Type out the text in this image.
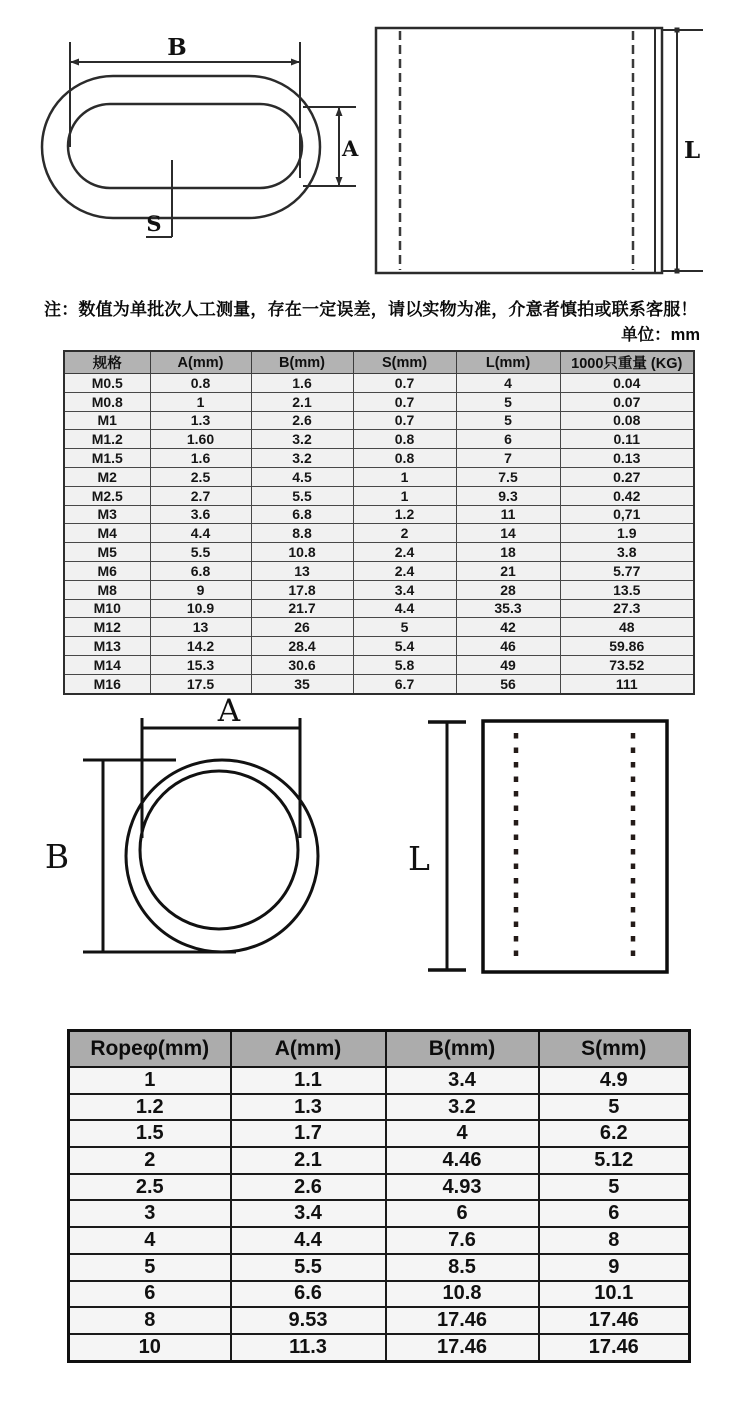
B
A
S
L
注：数值为单批次人工测量，存在一定误差，请以实物为准，介意者慎拍或联系客服！
单位：mm
规格	A(mm)	B(mm)	S(mm)	L(mm)	1000只重量 (KG)
M0.5	0.8	1.6	0.7	4	0.04
M0.8	1	2.1	0.7	5	0.07
M1	1.3	2.6	0.7	5	0.08
M1.2	1.60	3.2	0.8	6	0.11
M1.5	1.6	3.2	0.8	7	0.13
M2	2.5	4.5	1	7.5	0.27
M2.5	2.7	5.5	1	9.3	0.42
M3	3.6	6.8	1.2	11	0,71
M4	4.4	8.8	2	14	1.9
M5	5.5	10.8	2.4	18	3.8
M6	6.8	13	2.4	21	5.77
M8	9	17.8	3.4	28	13.5
M10	10.9	21.7	4.4	35.3	27.3
M12	13	26	5	42	48
M13	14.2	28.4	5.4	46	59.86
M14	15.3	30.6	5.8	49	73.52
M16	17.5	35	6.7	56	111
A
B	L
Ropeφ(mm)	A(mm)	B(mm)	S(mm)
1	1.1	3.4	4.9
1.2	1.3	3.2	5
1.5	1.7	4	6.2
2	2.1	4.46	5.12
2.5	2.6	4.93	5
3	3.4	6	6
4	4.4	7.6	8
5	5.5	8.5	9
6	6.6	10.8	10.1
8	9.53	17.46	17.46
10	11.3	17.46	17.46
